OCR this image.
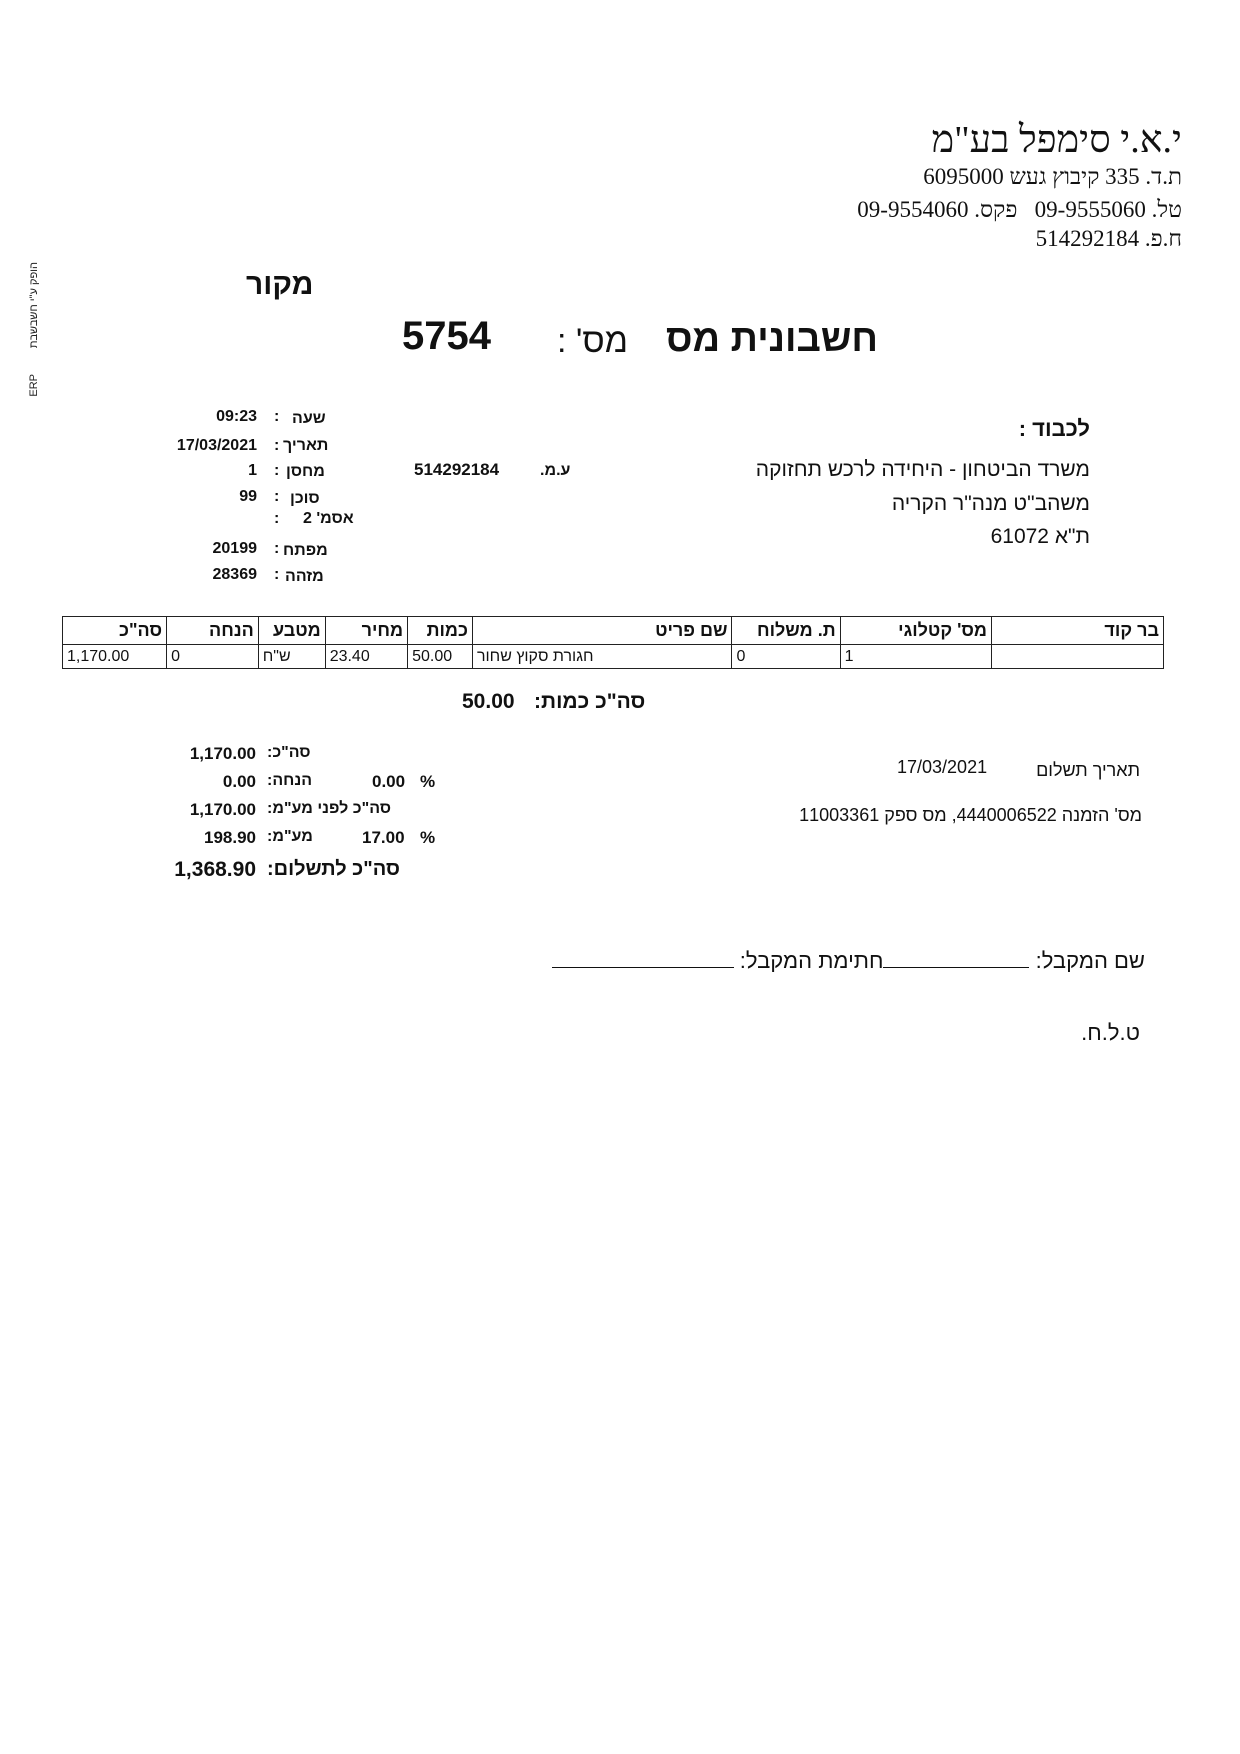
י.א.י סימפל בע"מ
ת.ד. 335 קיבוץ געש 6095000
טל. 09-9555060   פקס. 09-9554060
ח.פ. 514292184
הופק ע"י חשבשבת
ERP
מקור
חשבונית מס
מס' :
5754
שעה
:
09:23
תאריך
:
17/03/2021
מחסן
:
1
סוכן
:
99
אסמ' 2
:
מפתח
:
20199
מזהה
:
28369
לכבוד :
משרד הביטחון - היחידה לרכש תחזוקה
משהב"ט מנה"ר הקריה
ת"א 61072
ע.מ.
514292184
בר קוד	מס' קטלוגי	ת. משלוח	שם פריט	כמות	מחיר	מטבע	הנחה	סה"כ
	1	0	חגורת סקוץ שחור	50.00	23.40	ש"ח	0	1,170.00
סה"כ כמות:
50.00
1,170.00 סה"כ:
0.00 הנחה:	0.00 %
1,170.00 סה"כ לפני מע"מ:
198.90 מע"מ:	17.00 %
1,368.90 סה"כ לתשלום:
תאריך תשלום
17/03/2021
מס' הזמנה 4440006522, מס ספק 11003361
שם המקבל: חתימת המקבל:
ט.ל.ח.
